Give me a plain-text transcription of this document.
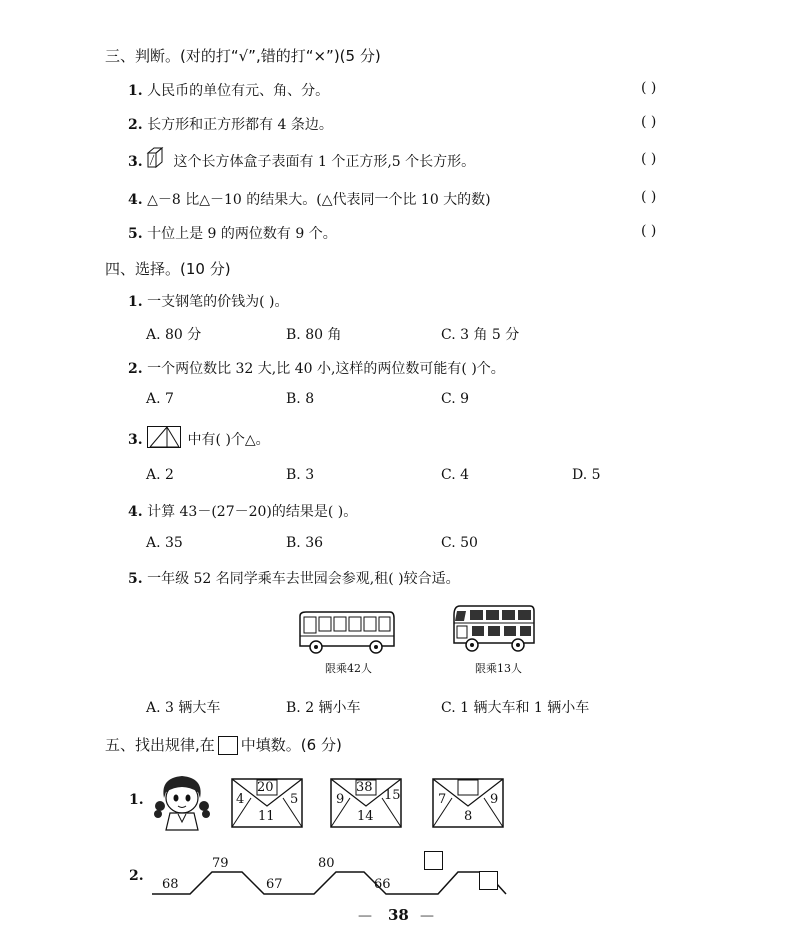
三、判断。(对的打“√”,错的打“×”)(5 分)
1. 人民币的单位有元、角、分。	( )
2. 长方形和正方形都有 4 条边。	( )
3. 这个长方体盒子表面有 1 个正方形,5 个长方形。	( )
4. △－8 比△－10 的结果大。(△代表同一个比 10 大的数)	( )
5. 十位上是 9 的两位数有 9 个。	( )
四、选择。(10 分)
1. 一支钢笔的价钱为( )。
A. 80 分	B. 80 角	C. 3 角 5 分
2. 一个两位数比 32 大,比 40 小,这样的两位数可能有( )个。
A. 7	B. 8	C. 9
3.	中有( )个△。
A. 2	B. 3	C. 4	D. 5
4. 计算 43－(27－20)的结果是( )。
A. 35	B. 36	C. 50
5. 一年级 52 名同学乘车去世园会参观,租( )较合适。
限乘42人	限乘13人
A. 3 辆大车	B. 2 辆小车	C. 1 辆大车和 1 辆小车
五、找出规律,在 中填数。(6 分)
1.
20
4	5
11
38
9	15
14
7	9
8
2.
68
79
67
80
66
— 38 —
